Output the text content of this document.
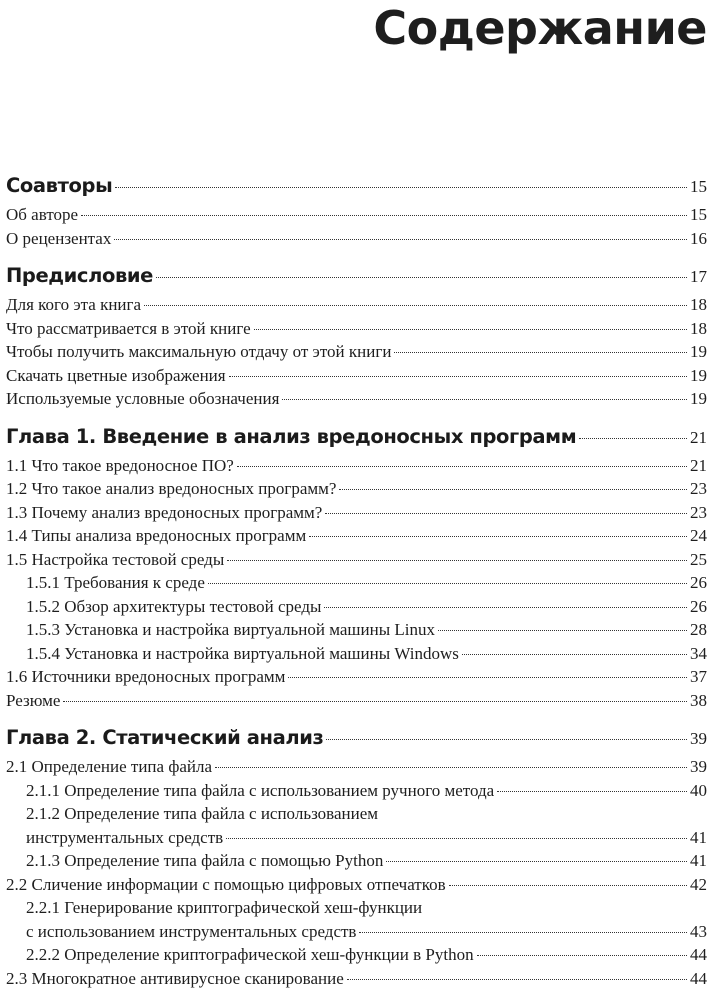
Содержание
Соавторы	15
Об авторе	15
О рецензентах	16
Предисловие	17
Для кого эта книга	18
Что рассматривается в этой книге	18
Чтобы получить максимальную отдачу от этой книги	19
Скачать цветные изображения	19
Используемые условные обозначения	19
Глава 1. Введение в анализ вредоносных программ	21
1.1 Что такое вредоносное ПО?	21
1.2 Что такое анализ вредоносных программ?	23
1.3 Почему анализ вредоносных программ?	23
1.4 Типы анализа вредоносных программ	24
1.5 Настройка тестовой среды	25
1.5.1 Требования к среде	26
1.5.2 Обзор архитектуры тестовой среды	26
1.5.3 Установка и настройка виртуальной машины Linux	28
1.5.4 Установка и настройка виртуальной машины Windows	34
1.6 Источники вредоносных программ	37
Резюме	38
Глава 2. Статический анализ	39
2.1 Определение типа файла	39
2.1.1 Определение типа файла с использованием ручного метода	40
2.1.2 Определение типа файла с использованием
инструментальных средств	41
2.1.3 Определение типа файла с помощью Python	41
2.2 Сличение информации с помощью цифровых отпечатков	42
2.2.1 Генерирование криптографической хеш-функции
с использованием инструментальных средств	43
2.2.2 Определение криптографической хеш-функции в Python	44
2.3 Многократное антивирусное сканирование	44
